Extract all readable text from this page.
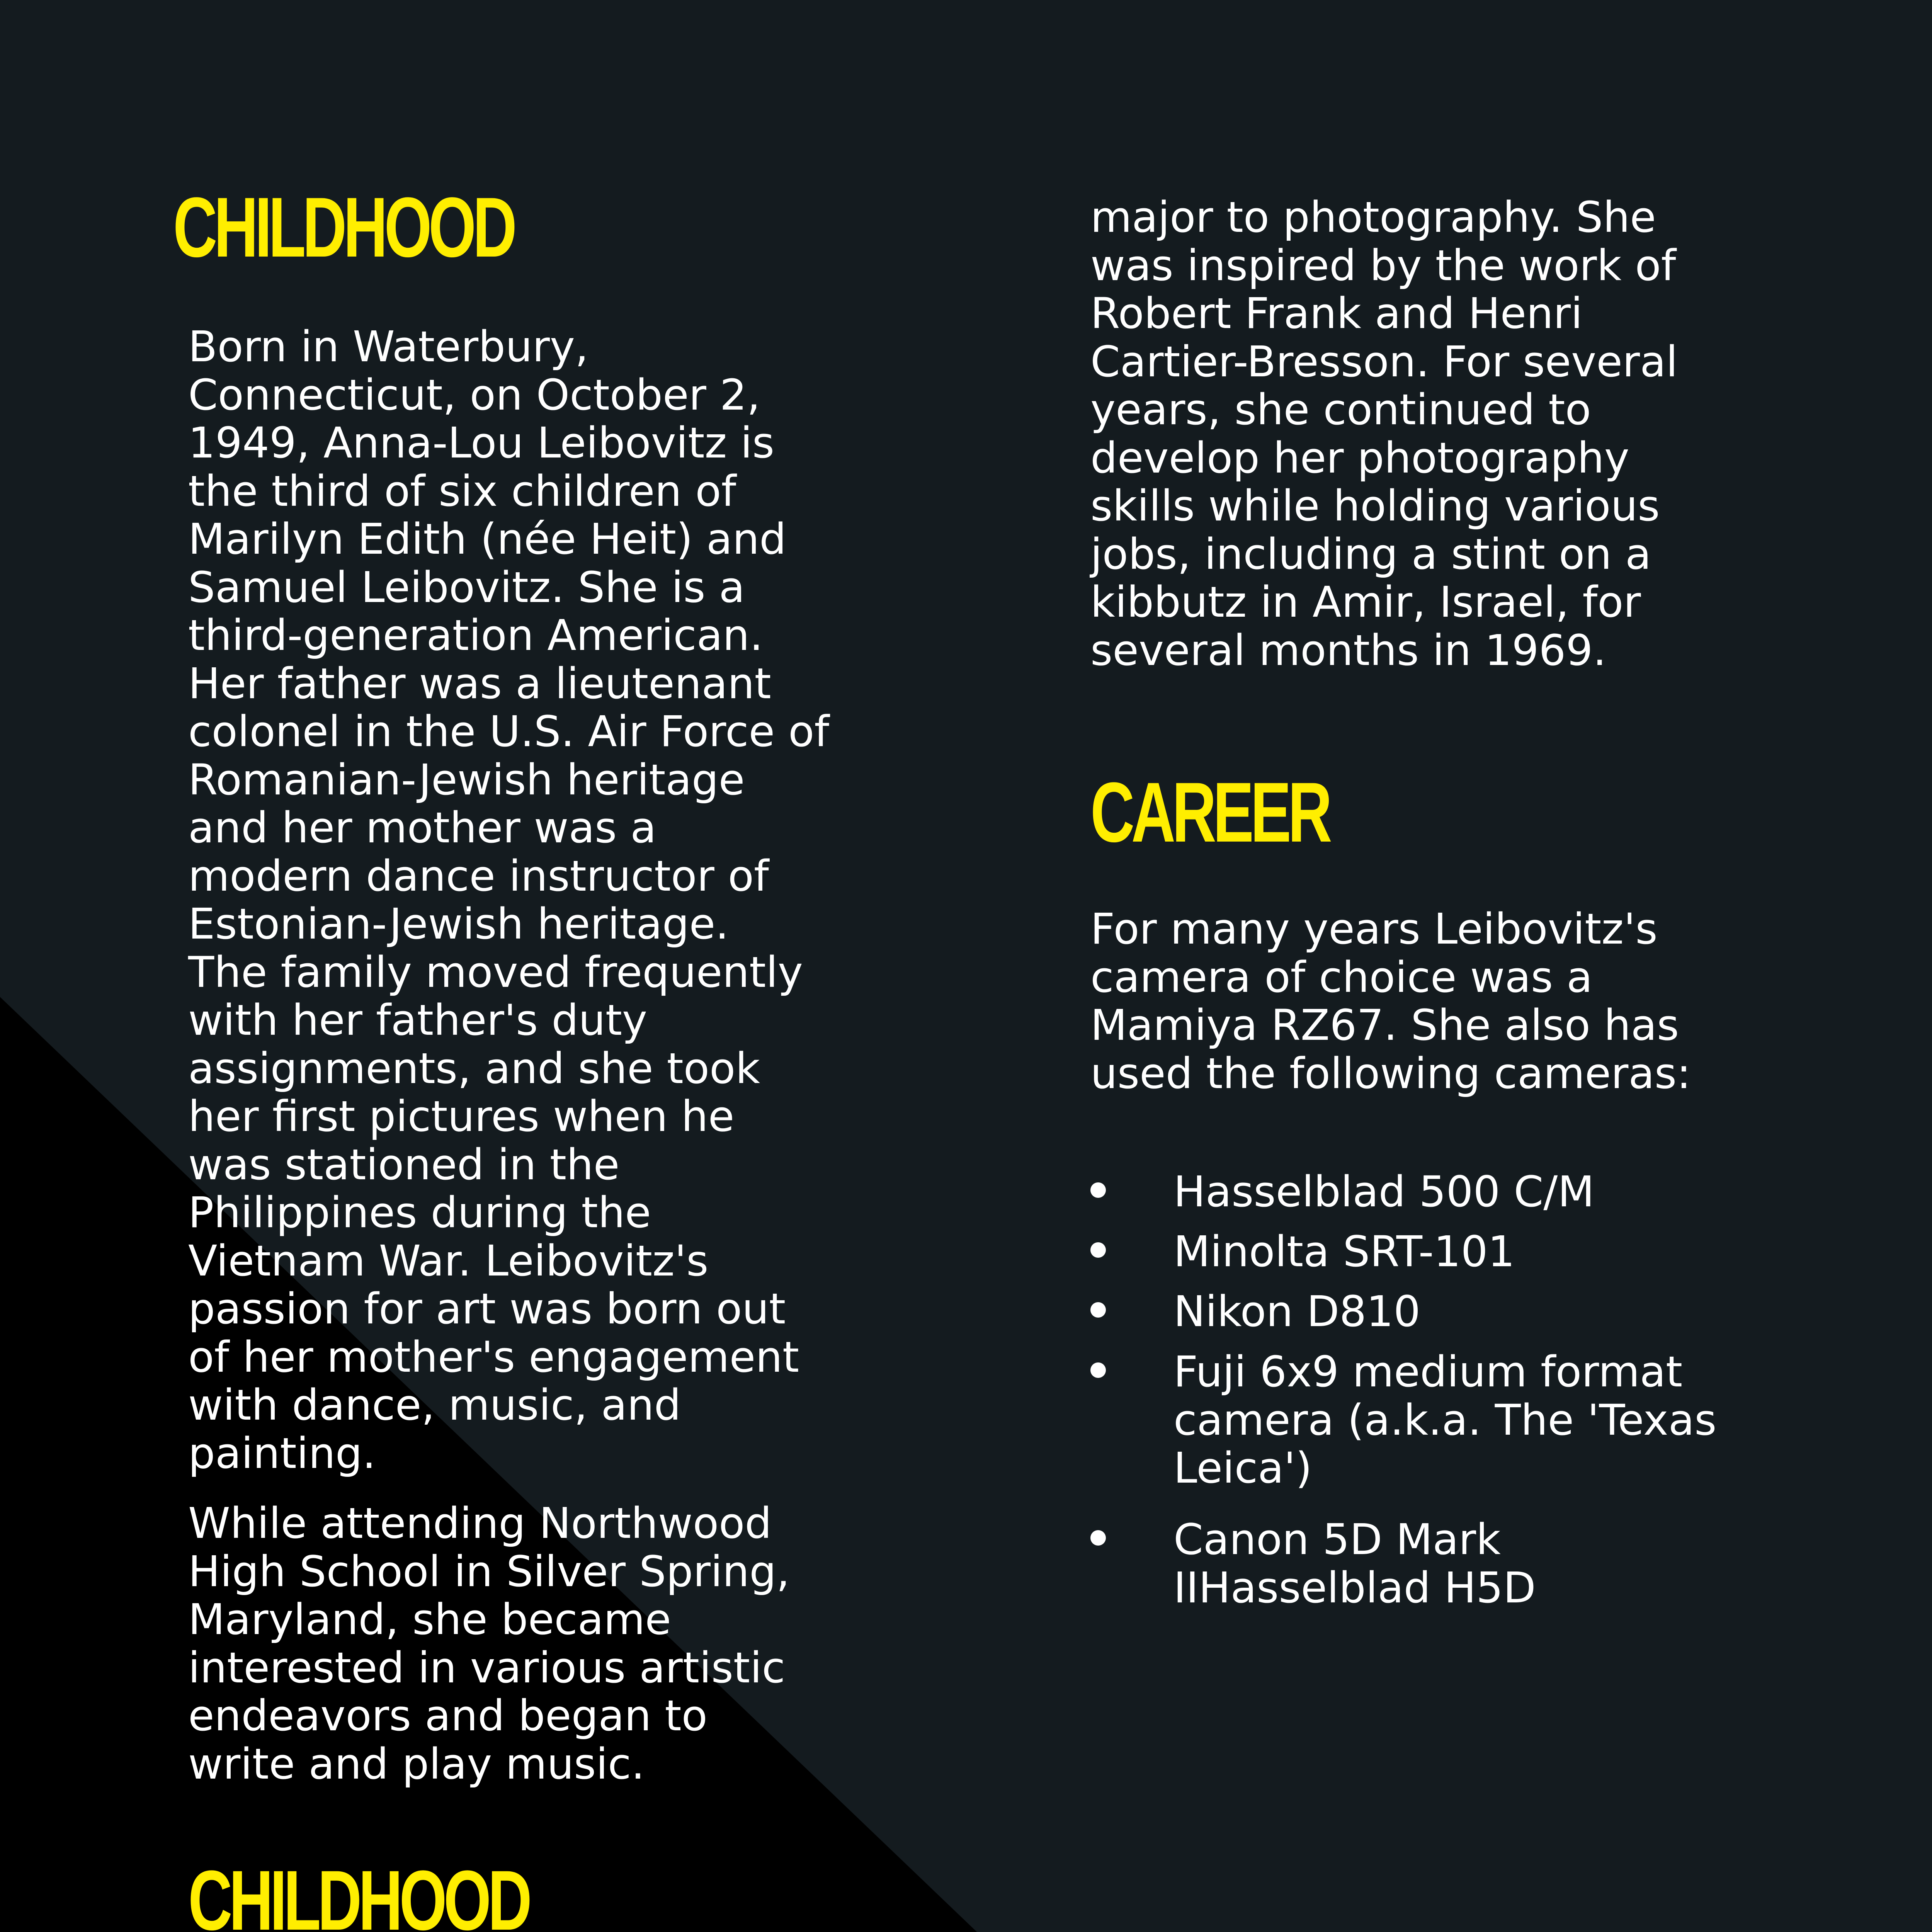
CHILDHOOD

Born in Waterbury,
Connecticut, on October 2,
1949, Anna-Lou Leibovitz is
the third of six children of
Marilyn Edith (née Heit) and
Samuel Leibovitz. She is a
third-generation American.
Her father was a lieutenant
colonel in the U.S. Air Force of
Romanian-Jewish heritage
and her mother was a
modern dance instructor of
Estonian-Jewish heritage.
The family moved frequently
with her father's duty
assignments, and she took
her first pictures when he
was stationed in the
Philippines during the
Vietnam War. Leibovitz's
passion for art was born out
of her mother's engagement
with dance, music, and
painting.

While attending Northwood
High School in Silver Spring,
Maryland, she became
interested in various artistic
endeavors and began to
write and play music.

CHILDHOOD

major to photography. She
was inspired by the work of
Robert Frank and Henri
Cartier-Bresson. For several
years, she continued to
develop her photography
skills while holding various
jobs, including a stint on a
kibbutz in Amir, Israel, for
several months in 1969.

CAREER

For many years Leibovitz's
camera of choice was a
Mamiya RZ67. She also has
used the following cameras:

Hasselblad 500 C/M
Minolta SRT-101
Nikon D810
Fuji 6x9 medium format
camera (a.k.a. The 'Texas
Leica')
Canon 5D Mark
IIHasselblad H5D
